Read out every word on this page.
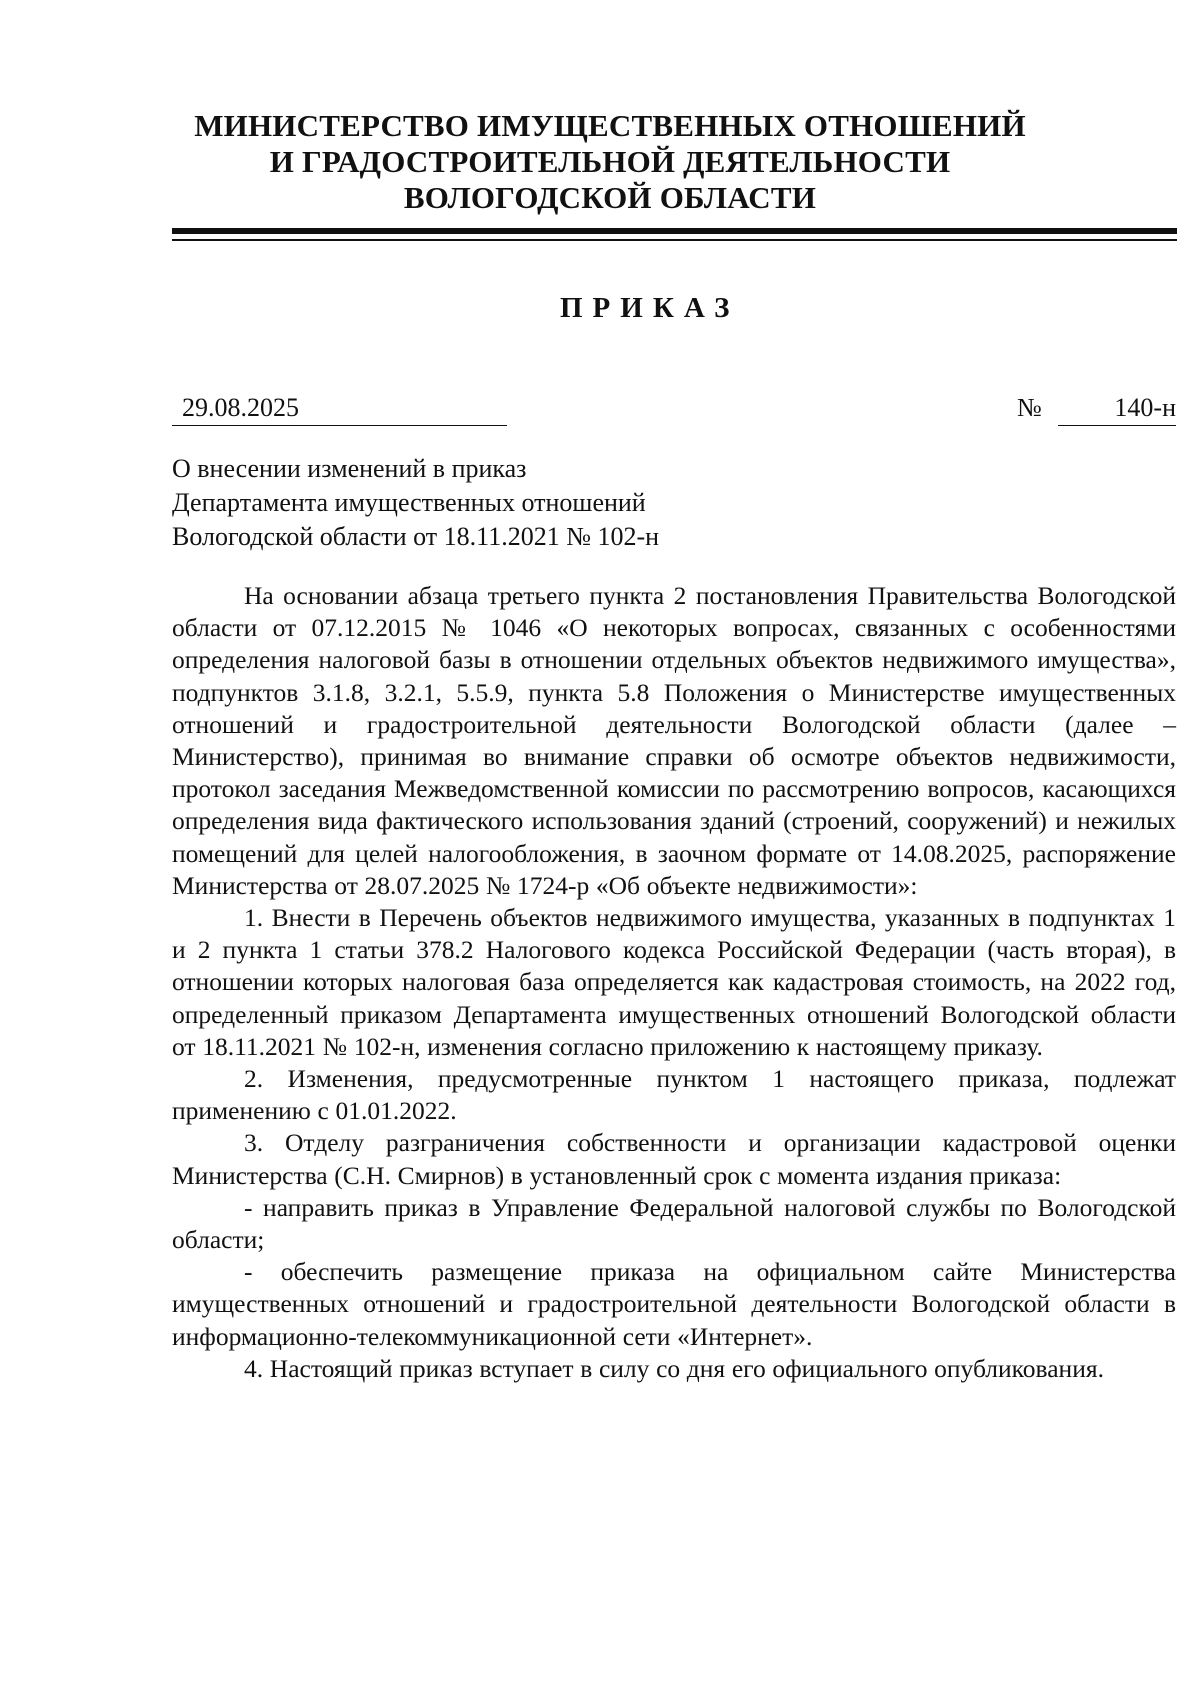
МИНИСТЕРСТВО ИМУЩЕСТВЕННЫХ ОТНОШЕНИЙ
И ГРАДОСТРОИТЕЛЬНОЙ ДЕЯТЕЛЬНОСТИ
ВОЛОГОДСКОЙ ОБЛАСТИ
ПРИКАЗ
29.08.2025	№	140-н
О внесении изменений в приказ
Департамента имущественных отношений
Вологодской области от 18.11.2021 № 102-н

На основании абзаца третьего пункта 2 постановления Правительства Вологодской области от 07.12.2015 № 1046 «О некоторых вопросах, связанных с особенностями определения налоговой базы в отношении отдельных объектов недвижимого имущества», подпунктов 3.1.8, 3.2.1, 5.5.9, пункта 5.8 Положения о Министерстве имущественных отношений и градостроительной деятельности Вологодской области (далее – Министерство), принимая во внимание справки об осмотре объектов недвижимости, протокол заседания Межведомственной комиссии по рассмотрению вопросов, касающихся определения вида фактического использования зданий (строений, сооружений) и нежилых помещений для целей налогообложения, в заочном формате от 14.08.2025, распоряжение Министерства от 28.07.2025 № 1724-р «Об объекте недвижимости»:

1. Внести в Перечень объектов недвижимого имущества, указанных в подпунктах 1 и 2 пункта 1 статьи 378.2 Налогового кодекса Российской Федерации (часть вторая), в отношении которых налоговая база определяется как кадастровая стоимость, на 2022 год, определенный приказом Департамента имущественных отношений Вологодской области от 18.11.2021 № 102-н, изменения согласно приложению к настоящему приказу.

2. Изменения, предусмотренные пунктом 1 настоящего приказа, подлежат применению с 01.01.2022.

3. Отделу разграничения собственности и организации кадастровой оценки Министерства (С.Н. Смирнов) в установленный срок с момента издания приказа:

- направить приказ в Управление Федеральной налоговой службы по Вологодской области;

- обеспечить размещение приказа на официальном сайте Министерства имущественных отношений и градостроительной деятельности Вологодской области в информационно-телекоммуникационной сети «Интернет».

4. Настоящий приказ вступает в силу со дня его официального опубликования.
